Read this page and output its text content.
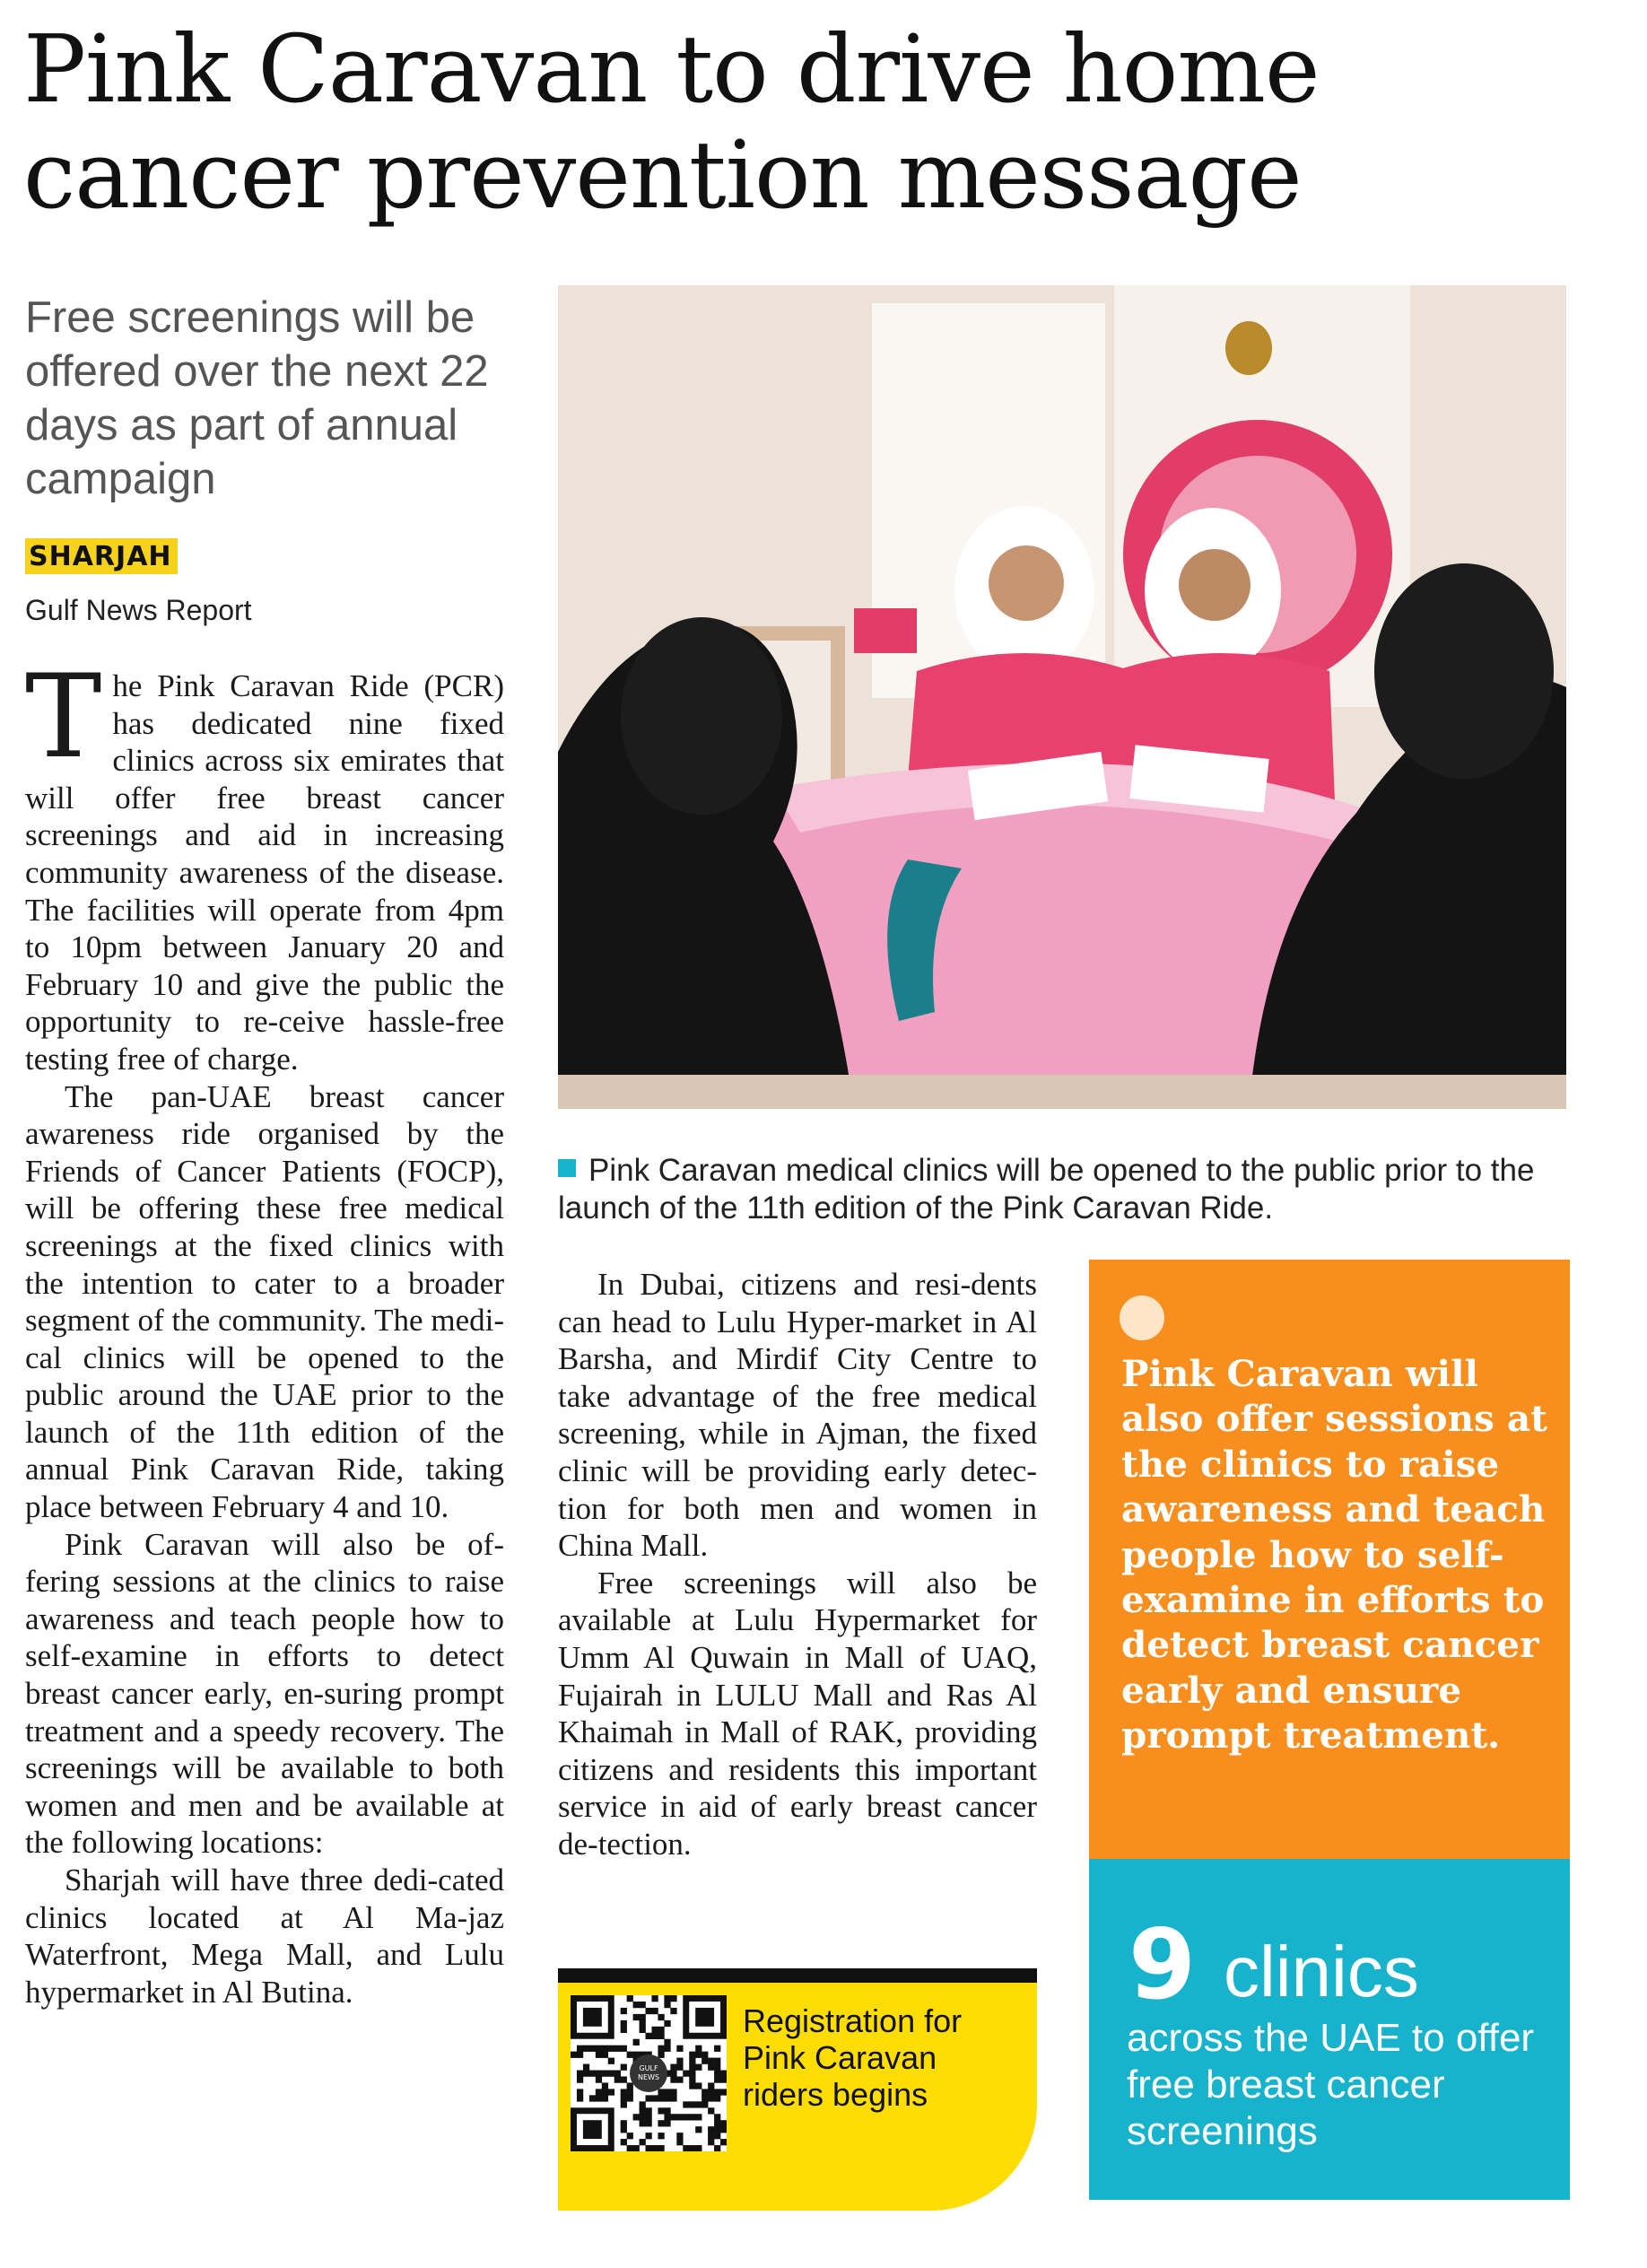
Pink Caravan to drive home cancer prevention message

Free screenings will be offered over the next 22 days as part of annual campaign

SHARJAH
Gulf News Report

The Pink Caravan Ride (PCR) has dedicated nine fixed clinics across six emirates that will offer free breast cancer screenings and aid in increasing community awareness of the disease. The facilities will operate from 4pm to 10pm between January 20 and February 10 and give the public the opportunity to re-ceive hassle-free testing free of charge.

The pan-UAE breast cancer awareness ride organised by the Friends of Cancer Patients (FOCP), will be offering these free medical screenings at the fixed clinics with the intention to cater to a broader segment of the community. The medi-cal clinics will be opened to the public around the UAE prior to the launch of the 11th edition of the annual Pink Caravan Ride, taking place between February 4 and 10.

Pink Caravan will also be of-fering sessions at the clinics to raise awareness and teach people how to self-examine in efforts to detect breast cancer early, en-suring prompt treatment and a speedy recovery. The screenings will be available to both women and men and be available at the following locations:

Sharjah will have three dedi-cated clinics located at Al Ma-jaz Waterfront, Mega Mall, and Lulu hypermarket in Al Butina.

Pink Caravan medical clinics will be opened to the public prior to the launch of the 11th edition of the Pink Caravan Ride.

In Dubai, citizens and resi-dents can head to Lulu Hyper-market in Al Barsha, and Mirdif City Centre to take advantage of the free medical screening, while in Ajman, the fixed clinic will be providing early detec-tion for both men and women in China Mall.

Free screenings will also be available at Lulu Hypermarket for Umm Al Quwain in Mall of UAQ, Fujairah in LULU Mall and Ras Al Khaimah in Mall of RAK, providing citizens and residents this important service in aid of early breast cancer de-tection.

Pink Caravan will also offer sessions at the clinics to raise awareness and teach people how to self-examine in efforts to detect breast cancer early and ensure prompt treatment.

9 clinics

across the UAE to offer free breast cancer screenings

GULF NEWS

Registration for Pink Caravan riders begins
